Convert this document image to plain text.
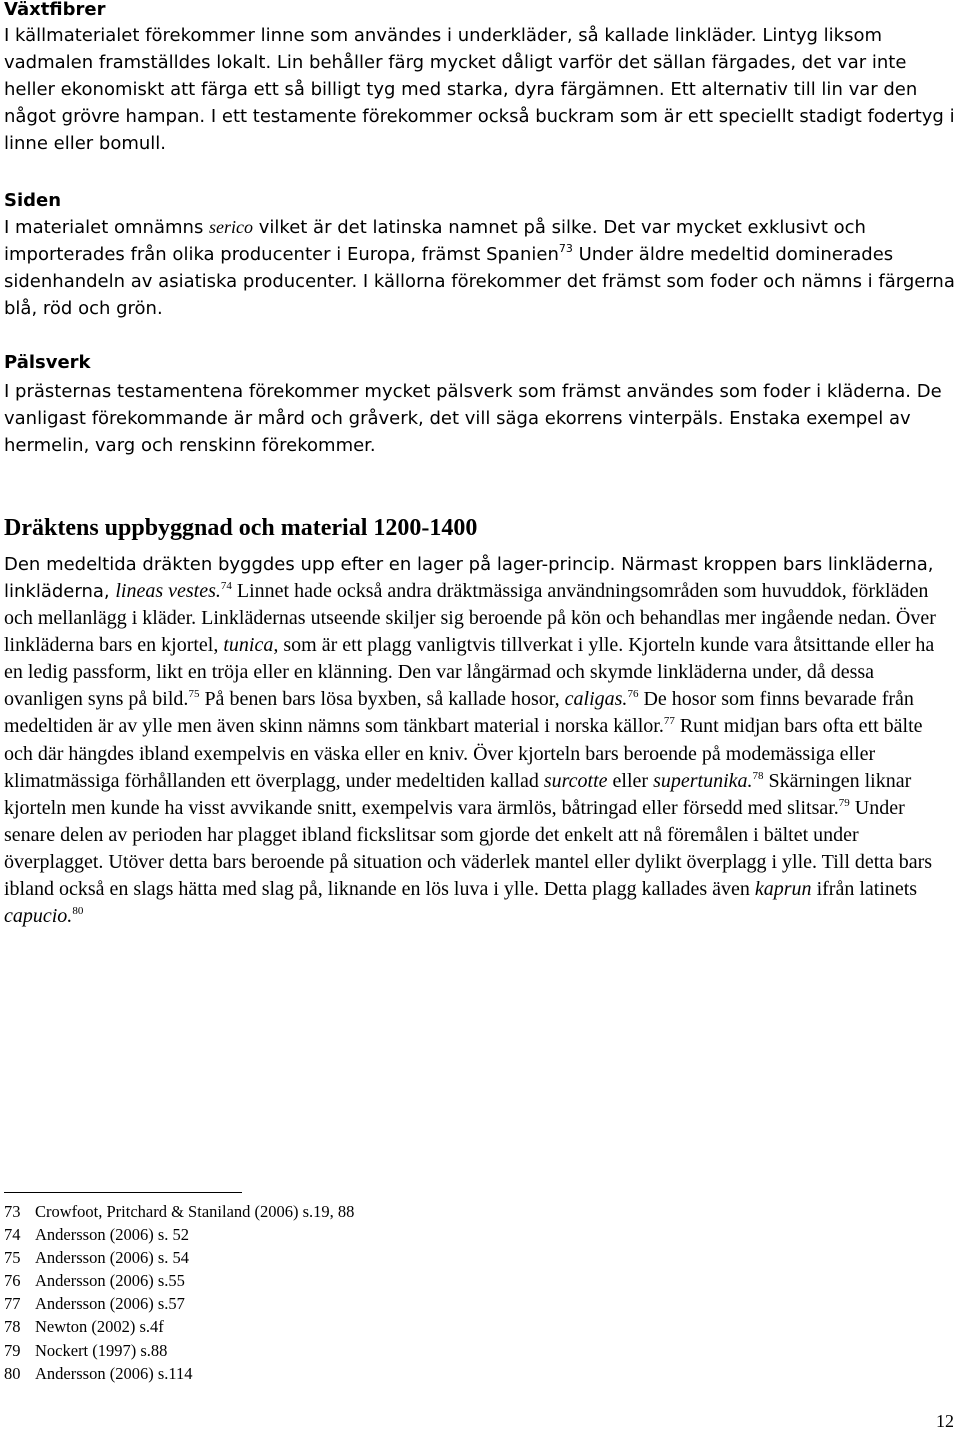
Växtfibrer

I källmaterialet förekommer linne som användes i underkläder, så kallade linkläder. Lintyg liksom vadmalen framställdes lokalt. Lin behåller färg mycket dåligt varför det sällan färgades, det var inte heller ekonomiskt att färga ett så billigt tyg med starka, dyra färgämnen. Ett alternativ till lin var den något grövre hampan. I ett testamente förekommer också buckram som är ett speciellt stadigt fodertyg i linne eller bomull.

Siden

I materialet omnämns serico vilket är det latinska namnet på silke. Det var mycket exklusivt och importerades från olika producenter i Europa, främst Spanien$^{73}$ Under äldre medeltid dominerades sidenhandeln av asiatiska producenter. I källorna förekommer det främst som foder och nämns i färgerna blå, röd och grön.

Pälsverk

I prästernas testamentena förekommer mycket pälsverk som främst användes som foder i kläderna. De vanligast förekommande är mård och gråverk, det vill säga ekorrens vinterpäls. Enstaka exempel av hermelin, varg och renskinn förekommer.

Dräktens uppbyggnad och material 1200-1400

Den medeltida dräkten byggdes upp efter en lager på lager-princip. Närmast kroppen bars linkläderna,

linkläderna, lineas vestes.$^{74}$ Linnet hade också andra dräktmässiga användningsområden som huvuddok, förkläden och mellanlägg i kläder. Linklädernas utseende skiljer sig beroende på kön och behandlas mer ingående nedan. Över linkläderna bars en kjortel, tunica, som är ett plagg vanligtvis tillverkat i ylle. Kjorteln kunde vara åtsittande eller ha en ledig passform, likt en tröja eller en klänning. Den var långärmad och skymde linkläderna under, då dessa ovanligen syns på bild.$^{75}$ På benen bars lösa byxben, så kallade hosor, caligas.$^{76}$ De hosor som finns bevarade från medeltiden är av ylle men även skinn nämns som tänkbart material i norska källor.$^{77}$ Runt midjan bars ofta ett bälte och där hängdes ibland exempelvis en väska eller en kniv. Över kjorteln bars beroende på modemässiga eller klimatmässiga förhållanden ett överplagg, under medeltiden kallad surcotte eller supertunika.$^{78}$ Skärningen liknar kjorteln men kunde ha visst avvikande snitt, exempelvis vara ärmlös, båtringad eller försedd med slitsar.$^{79}$ Under senare delen av perioden har plagget ibland fickslitsar som gjorde det enkelt att nå föremålen i bältet under överplagget. Utöver detta bars beroende på situation och väderlek mantel eller dylikt överplagg i ylle. Till detta bars ibland också en slags hätta med slag på, liknande en lös luva i ylle. Detta plagg kallades även kaprun ifrån latinets capucio.$^{80}$

73 Crowfoot, Pritchard & Staniland (2006) s.19, 88
74 Andersson (2006) s. 52
75 Andersson (2006) s. 54
76 Andersson (2006) s.55
77 Andersson (2006) s.57
78 Newton (2002) s.4f
79 Nockert (1997) s.88
80 Andersson (2006) s.114
12
